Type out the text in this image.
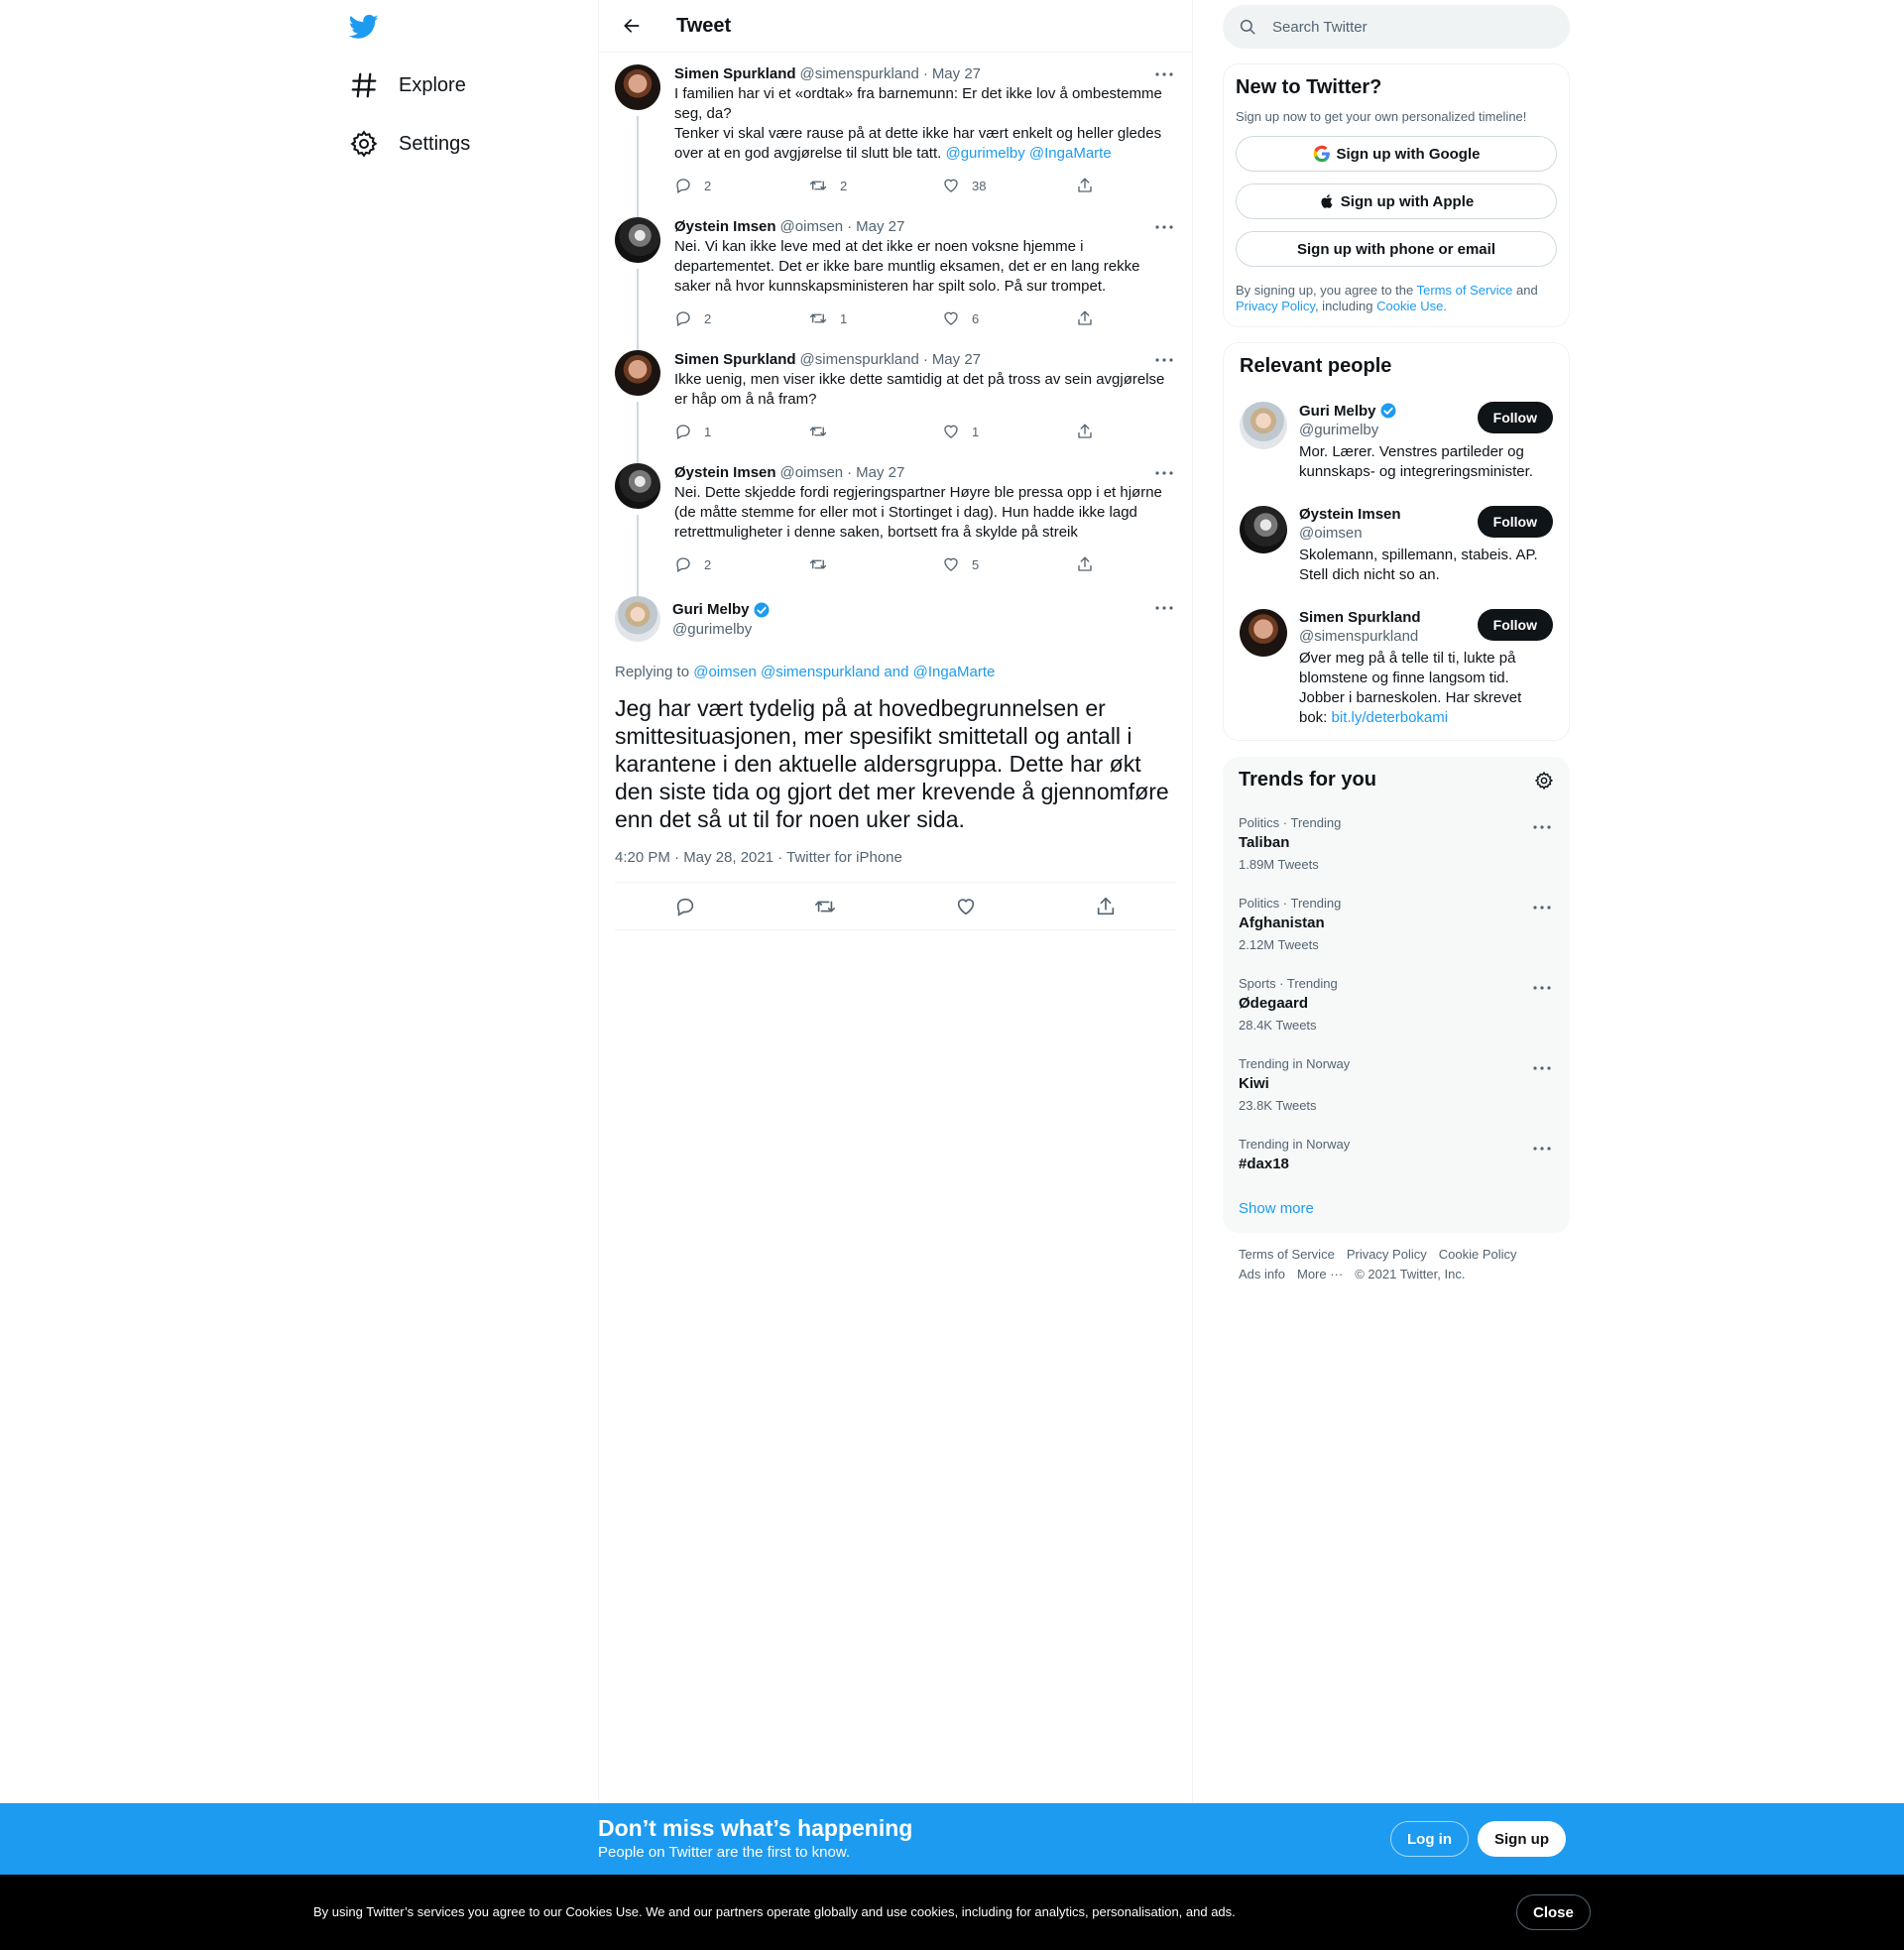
Explore
Settings
Tweet
Simen Spurkland @simenspurkland · May 27
I familien har vi et «ordtak» fra barnemunn: Er det ikke lov å ombestemme seg, da?
Tenker vi skal være rause på at dette ikke har vært enkelt og heller gledes over at en god avgjørelse til slutt ble tatt. @gurimelby @IngaMarte
2	2	38
Øystein Imsen @oimsen · May 27
Nei. Vi kan ikke leve med at det ikke er noen voksne hjemme i departementet. Det er ikke bare muntlig eksamen, det er en lang rekke saker nå hvor kunnskapsministeren har spilt solo. På sur trompet.
2	1	6
Simen Spurkland @simenspurkland · May 27
Ikke uenig, men viser ikke dette samtidig at det på tross av sein avgjørelse er håp om å nå fram?
1	1
Øystein Imsen @oimsen · May 27
Nei. Dette skjedde fordi regjeringspartner Høyre ble pressa opp i et hjørne (de måtte stemme for eller mot i Stortinget i dag). Hun hadde ikke lagd retrettmuligheter i denne saken, bortsett fra å skylde på streik
2	5
Guri Melby
@gurimelby
Replying to @oimsen @simenspurkland and @IngaMarte
Jeg har vært tydelig på at hovedbegrunnelsen er smittesituasjonen, mer spesifikt smittetall og antall i karantene i den aktuelle aldersgruppa. Dette har økt den siste tida og gjort det mer krevende å gjennomføre enn det så ut til for noen uker sida.
4:20 PM · May 28, 2021 · Twitter for iPhone
Search Twitter
New to Twitter?
Sign up now to get your own personalized timeline!
Sign up with Google
Sign up with Apple
Sign up with phone or email
By signing up, you agree to the Terms of Service and Privacy Policy, including Cookie Use.
Relevant people
Guri Melby
@gurimelby
Follow
Mor. Lærer. Venstres partileder og kunnskaps- og integreringsminister.
Øystein Imsen
@oimsen
Follow
Skolemann, spillemann, stabeis. AP. Stell dich nicht so an.
Simen Spurkland
@simenspurkland
Follow
Øver meg på å telle til ti, lukte på blomstene og finne langsom tid. Jobber i barneskolen. Har skrevet bok: bit.ly/deterbokami
Trends for you
Politics · Trending
Taliban
1.89M Tweets
Politics · Trending
Afghanistan
2.12M Tweets
Sports · Trending
Ødegaard
28.4K Tweets
Trending in Norway
Kiwi
23.8K Tweets
Trending in Norway
#dax18
Show more
Terms of Service Privacy Policy Cookie Policy
Ads info More ··· © 2021 Twitter, Inc.
Don’t miss what’s happening
People on Twitter are the first to know.
Log in	Sign up
By using Twitter’s services you agree to our Cookies Use. We and our partners operate globally and use cookies, including for analytics, personalisation, and ads.	Close
